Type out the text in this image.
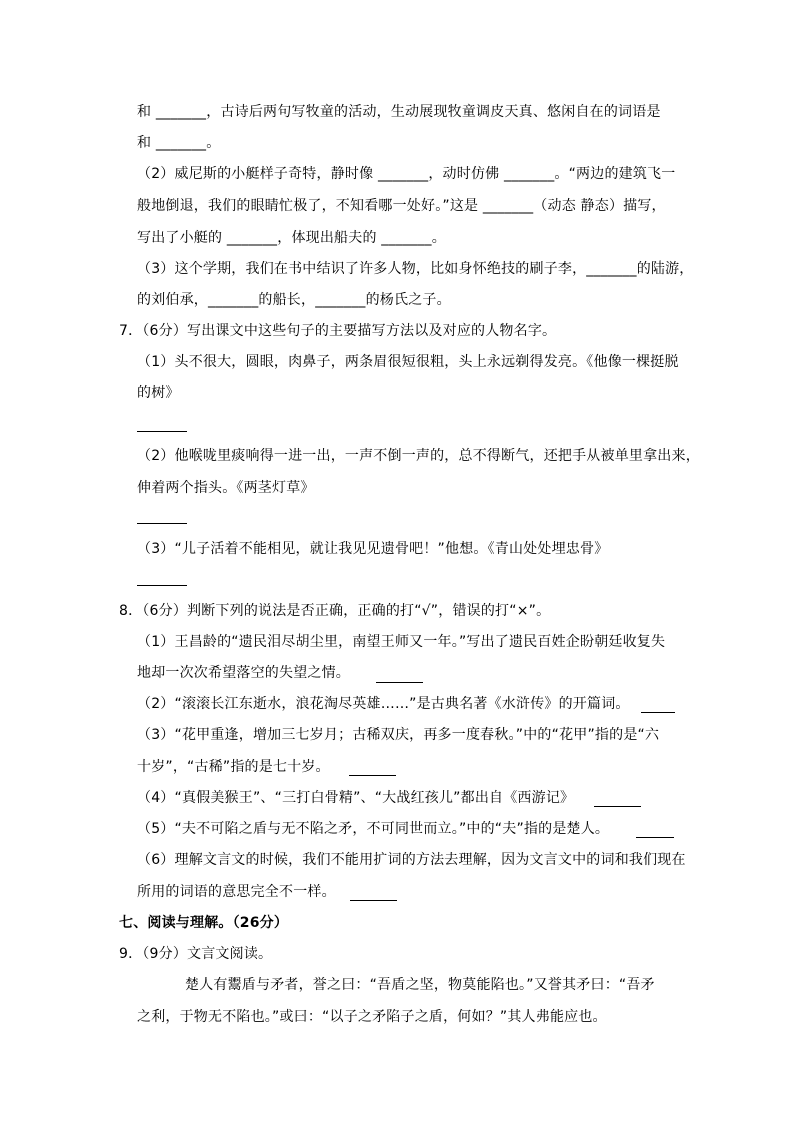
和 _______，古诗后两句写牧童的活动，生动展现牧童调皮天真、悠闲自在的词语是
和 _______。
（2）威尼斯的小艇样子奇特，静时像 _______，动时仿佛 _______。“两边的建筑飞一
般地倒退，我们的眼睛忙极了，不知看哪一处好。”这是 _______（动态 静态）描写，
写出了小艇的 _______，体现出船夫的 _______。
（3）这个学期，我们在书中结识了许多人物，比如身怀绝技的刷子李，_______的陆游，
的刘伯承，_______的船长，_______的杨氏之子。
7．（6分）写出课文中这些句子的主要描写方法以及对应的人物名字。
（1）头不很大，圆眼，肉鼻子，两条眉很短很粗，头上永远剃得发亮。《他像一棵挺脱
的树》
（2）他喉咙里痰响得一进一出，一声不倒一声的，总不得断气，还把手从被单里拿出来，
伸着两个指头。《两茎灯草》
（3）“儿子活着不能相见，就让我见见遗骨吧！”他想。《青山处处埋忠骨》
8．（6分）判断下列的说法是否正确，正确的打“√”，错误的打“×”。
（1）王昌龄的“遗民泪尽胡尘里，南望王师又一年。”写出了遗民百姓企盼朝廷收复失
地却一次次希望落空的失望之情。
（2）“滚滚长江东逝水，浪花淘尽英雄……”是古典名著《水浒传》的开篇词。
（3）“花甲重逢，增加三七岁月；古稀双庆，再多一度春秋。”中的“花甲”指的是“六
十岁”，“古稀”指的是七十岁。
（4）“真假美猴王”、“三打白骨精”、“大战红孩儿”都出自《西游记》
（5）“夫不可陷之盾与无不陷之矛，不可同世而立。”中的“夫”指的是楚人。
（6）理解文言文的时候，我们不能用扩词的方法去理解，因为文言文中的词和我们现在
所用的词语的意思完全不一样。
七、阅读与理解。（26分）
9．（9分）文言文阅读。
楚人有鬻盾与矛者，誉之曰：“吾盾之坚，物莫能陷也。”又誉其矛曰：“吾矛
之利，于物无不陷也。”或曰：“以子之矛陷子之盾，何如？”其人弗能应也。
